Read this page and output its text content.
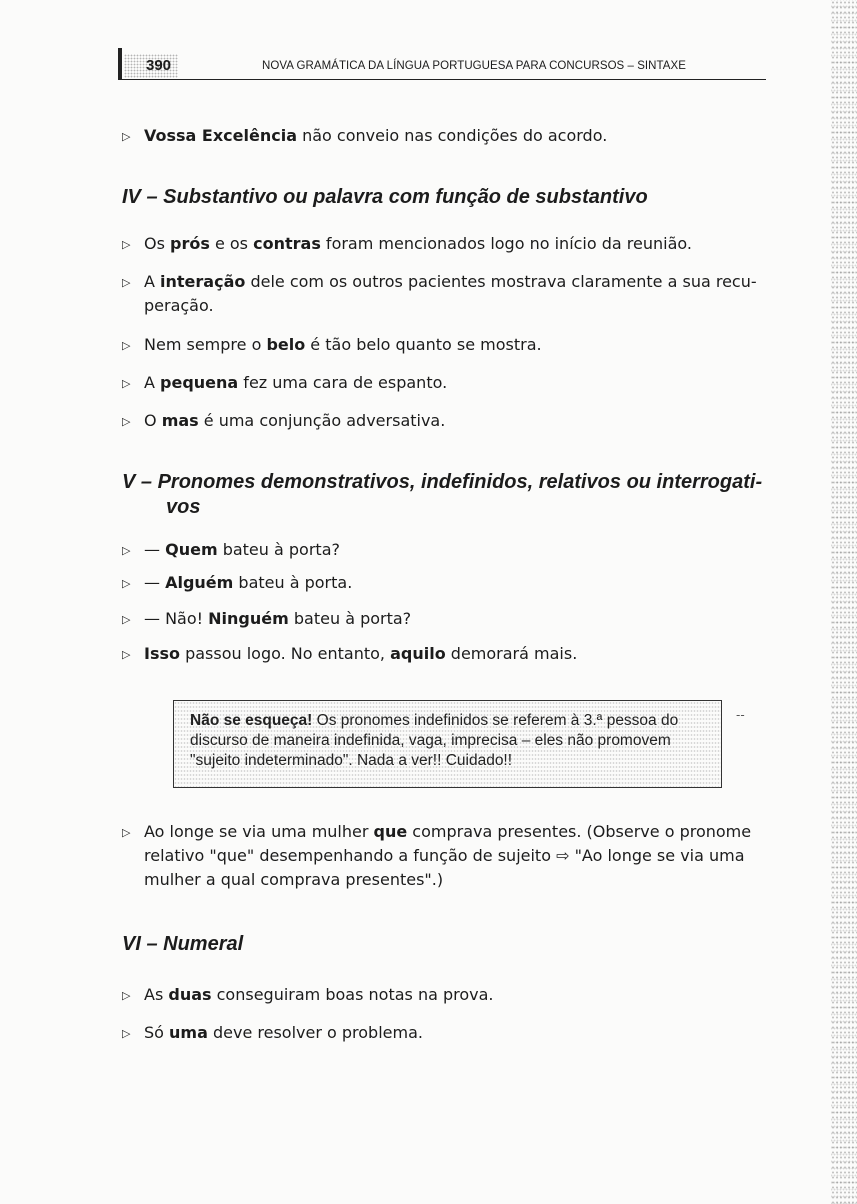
390	NOVA GRAMÁTICA DA LÍNGUA PORTUGUESA PARA CONCURSOS – SINTAXE
▷ Vossa Excelência não conveio nas condições do acordo.
IV – Substantivo ou palavra com função de substantivo
▷ Os prós e os contras foram mencionados logo no início da reunião.
▷ A interação dele com os outros pacientes mostrava claramente a sua recu-
peração.
▷ Nem sempre o belo é tão belo quanto se mostra.
▷ A pequena fez uma cara de espanto.
▷ O mas é uma conjunção adversativa.
V – Pronomes demonstrativos, indefinidos, relativos ou interrogati-
vos
▷ — Quem bateu à porta?
▷ — Alguém bateu à porta.
▷ — Não! Ninguém bateu à porta?
▷ Isso passou logo. No entanto, aquilo demorará mais.
Não se esqueça! Os pronomes indefinidos se referem à 3.ª pessoa do
discurso de maneira indefinida, vaga, imprecisa – eles não promovem
"sujeito indeterminado". Nada a ver!! Cuidado!!
--
▷ Ao longe se via uma mulher que comprava presentes. (Observe o pronome
relativo "que" desempenhando a função de sujeito ⇨ "Ao longe se via uma
mulher a qual comprava presentes".)
VI – Numeral
▷ As duas conseguiram boas notas na prova.
▷ Só uma deve resolver o problema.
